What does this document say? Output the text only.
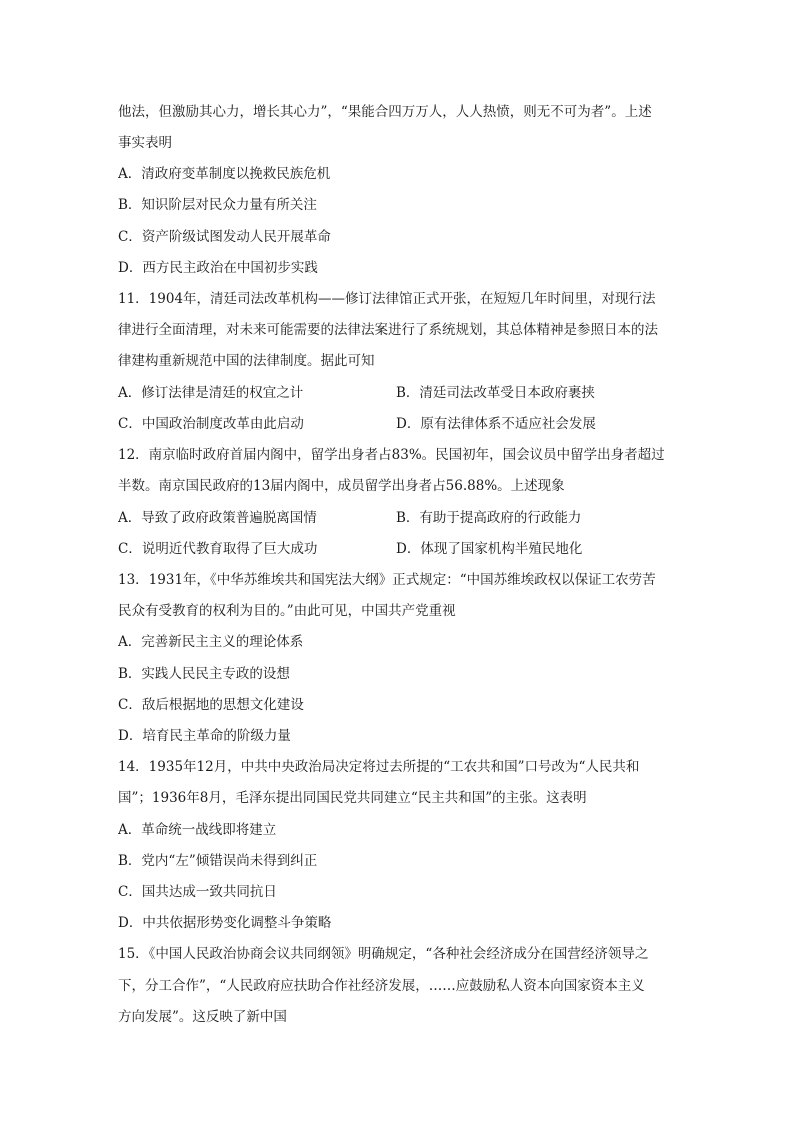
他法，但激励其心力，增长其心力”，“果能合四万万人，人人热愤，则无不可为者”。上述
事实表明
A．清政府变革制度以挽救民族危机
B．知识阶层对民众力量有所关注
C．资产阶级试图发动人民开展革命
D．西方民主政治在中国初步实践
11．1904年，清廷司法改革机构——修订法律馆正式开张，在短短几年时间里，对现行法
律进行全面清理，对未来可能需要的法律法案进行了系统规划，其总体精神是参照日本的法
律建构重新规范中国的法律制度。据此可知
A．修订法律是清廷的权宜之计	B．清廷司法改革受日本政府裹挟
C．中国政治制度改革由此启动	D．原有法律体系不适应社会发展
12．南京临时政府首届内阁中，留学出身者占83%。民国初年，国会议员中留学出身者超过
半数。南京国民政府的13届内阁中，成员留学出身者占56.88%。上述现象
A．导致了政府政策普遍脱离国情	B．有助于提高政府的行政能力
C．说明近代教育取得了巨大成功	D．体现了国家机构半殖民地化
13．1931年，《中华苏维埃共和国宪法大纲》正式规定：“中国苏维埃政权以保证工农劳苦
民众有受教育的权利为目的。”由此可见，中国共产党重视
A．完善新民主主义的理论体系
B．实践人民民主专政的设想
C．敌后根据地的思想文化建设
D．培育民主革命的阶级力量
14．1935年12月，中共中央政治局决定将过去所提的“工农共和国”口号改为“人民共和
国”；1936年8月，毛泽东提出同国民党共同建立“民主共和国”的主张。这表明
A．革命统一战线即将建立
B．党内“左”倾错误尚未得到纠正
C．国共达成一致共同抗日
D．中共依据形势变化调整斗争策略
15．《中国人民政治协商会议共同纲领》明确规定，“各种社会经济成分在国营经济领导之
下，分工合作”，“人民政府应扶助合作社经济发展，……应鼓励私人资本向国家资本主义
方向发展”。这反映了新中国
